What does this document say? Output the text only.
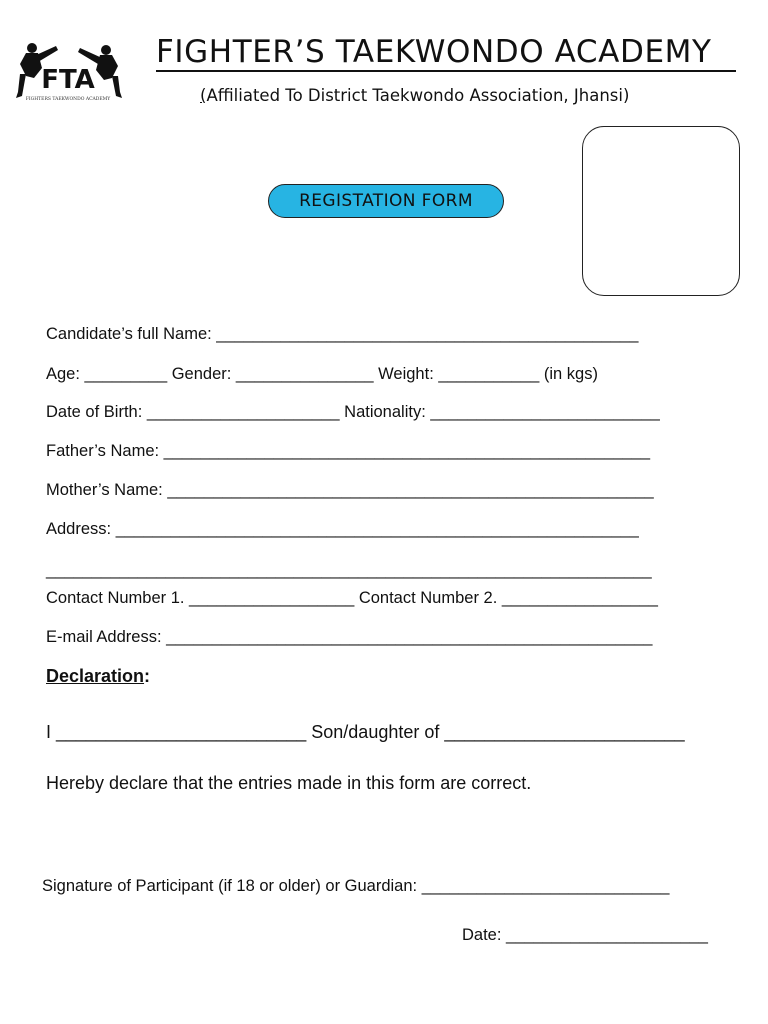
FTA
FIGHTERS TAEKWONDO ACADEMY
FIGHTER’S TAEKWONDO ACADEMY
(Affiliated To District Taekwondo Association, Jhansi)
REGISTATION FORM
Candidate’s full Name: ______________________________________________
Age: _________ Gender: _______________ Weight: ___________ (in kgs)
Date of Birth: _____________________ Nationality: _________________________
Father’s Name: _____________________________________________________
Mother’s Name: _____________________________________________________
Address: _________________________________________________________
__________________________________________________________________
Contact Number 1. __________________ Contact Number 2. _________________
E-mail Address: _____________________________________________________
Declaration:
I _________________________ Son/daughter of ________________________
Hereby declare that the entries made in this form are correct.
Signature of Participant (if 18 or older) or Guardian: ___________________________
Date: ______________________
